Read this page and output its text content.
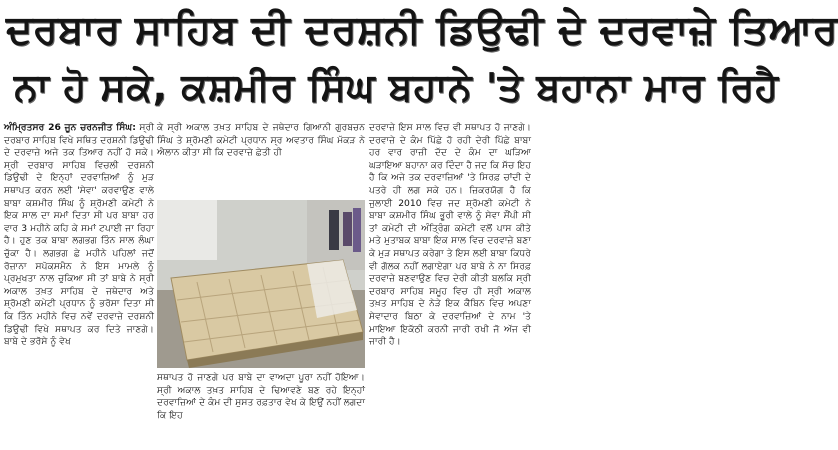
ਦਰਬਾਰ ਸਾਹਿਬ ਦੀ ਦਰਸ਼ਨੀ ਡਿਉਢੀ ਦੇ ਦਰਵਾਜ਼ੇ ਤਿਆਰ
ਨਾ ਹੋ ਸਕੇ, ਕਸ਼ਮੀਰ ਸਿੰਘ ਬਹਾਨੇ 'ਤੇ ਬਹਾਨਾ ਮਾਰ ਰਿਹੈ
ਅੰਮ੍ਰਿਤਸਰ 26 ਜੂਨ ਚਰਨਜੀਤ ਸਿੰਘ: ਸ੍ਰੀ ਦਰਬਾਰ ਸਾਹਿਬ ਵਿਖੇ ਸਥਿਤ ਦਰਸ਼ਨੀ ਡਿਉਢੀ ਦੇ ਦਰਵਾਜ਼ੇ ਅਜੇ ਤਕ ਤਿਆਰ ਨਹੀਂ ਹੋ ਸਕੇ। ਸ੍ਰੀ ਦਰਬਾਰ ਸਾਹਿਬ ਵਿਚਲੀ ਦਰਸ਼ਨੀ ਡਿਉਢੀ ਦੇ ਇਨ੍ਹਾਂ ਦਰਵਾਜ਼ਿਆਂ ਨੂੰ ਮੁੜ ਸਥਾਪਤ ਕਰਨ ਲਈ 'ਸੇਵਾ' ਕਰਵਾਉਣ ਵਾਲੇ ਬਾਬਾ ਕਸ਼ਮੀਰ ਸਿੰਘ ਨੂੰ ਸ਼੍ਰੋਮਣੀ ਕਮੇਟੀ ਨੇ ਇਕ ਸਾਲ ਦਾ ਸਮਾਂ ਦਿਤਾ ਸੀ ਪਰ ਬਾਬਾ ਹਰ ਵਾਰ 3 ਮਹੀਨੇ ਕਹਿ ਕੇ ਸਮਾਂ ਟਪਾਈ ਜਾ ਰਿਹਾ ਹੈ। ਹੁਣ ਤਕ ਬਾਬਾ ਲਗਭਗ ਤਿੰਨ ਸਾਲ ਲੰਘਾ ਚੁੱਕਾ ਹੈ। ਲਗਭਗ ਛੇ ਮਹੀਨੇ ਪਹਿਲਾਂ ਜਦੋਂ ਰੋਜ਼ਾਨਾ ਸਪੋਕਸਮੈਨ ਨੇ ਇਸ ਮਾਮਲੇ ਨੂੰ ਪ੍ਰਮੁਖਤਾ ਨਾਲ ਚੁਕਿਆ ਸੀ ਤਾਂ ਬਾਬੇ ਨੇ ਸ੍ਰੀ ਅਕਾਲ ਤਖ਼ਤ ਸਾਹਿਬ ਦੇ ਜਥੇਦਾਰ ਅਤੇ ਸ਼੍ਰੋਮਣੀ ਕਮੇਟੀ ਪ੍ਰਧਾਨ ਨੂੰ ਭਰੋਸਾ ਦਿਤਾ ਸੀ ਕਿ ਤਿੰਨ ਮਹੀਨੇ ਵਿਚ ਨਵੇਂ ਦਰਵਾਜ਼ੇ ਦਰਸ਼ਨੀ ਡਿਉਢੀ ਵਿਖੇ ਸਥਾਪਤ ਕਰ ਦਿਤੇ ਜਾਣਗੇ। ਬਾਬੇ ਦੇ ਭਰੋਸੇ ਨੂੰ ਵੇਖ
ਕੇ ਸ੍ਰੀ ਅਕਾਲ ਤਖ਼ਤ ਸਾਹਿਬ ਦੇ ਜਥੇਦਾਰ ਗਿਆਨੀ ਗੁਰਬਚਨ ਸਿੰਘ ਤੇ ਸ਼੍ਰੋਮਣੀ ਕਮੇਟੀ ਪ੍ਰਧਾਨ ਸ੍ਰ ਅਵਤਾਰ ਸਿੰਘ ਮੱਕੜ ਨੇ ਐਲਾਨ ਕੀਤਾ ਸੀ ਕਿ ਦਰਵਾਜ਼ੇ ਛੇਤੀ ਹੀ
ਸਥਾਪਤ ਹੋ ਜਾਣਗੇ ਪਰ ਬਾਬੇ ਦਾ ਵਾਅਦਾ ਪੂਰਾ ਨਹੀਂ ਹੋਇਆ। ਸ੍ਰੀ ਅਕਾਲ ਤਖ਼ਤ ਸਾਹਿਬ ਦੇ ਢਿਆਵਣੇ ਬਣ ਰਹੇ ਇਨ੍ਹਾਂ ਦਰਵਾਜ਼ਿਆਂ ਦੇ ਕੰਮ ਦੀ ਸੁਸਤ ਰਫ਼ਤਾਰ ਵੇਖ ਕੇ ਇਉਂ ਨਹੀਂ ਲਗਦਾ ਕਿ ਇਹ
ਦਰਵਾਜ਼ੇ ਇਸ ਸਾਲ ਵਿਚ ਵੀ ਸਥਾਪਤ ਹੋ ਜਾਣਗੇ। ਦਰਵਾਜ਼ੇ ਦੇ ਕੰਮ ਪਿੱਛੇ ਹੋ ਰਹੀ ਦੇਰੀ ਪਿੱਛੇ ਬਾਬਾ ਹਰ ਵਾਰ ਰਾਜ਼ੀ ਦੱਦ ਦੇ ਕੰਮ ਦਾ ਘੜਿਆ ਘੜਾਇਆ ਬਹਾਨਾ ਕਰ ਦਿੰਦਾ ਹੈ ਜਦ ਕਿ ਸੱਚ ਇਹ ਹੈ ਕਿ ਅਜੇ ਤਕ ਦਰਵਾਜ਼ਿਆਂ 'ਤੇ ਸਿਰਫ਼ ਚਾਂਦੀ ਦੇ ਪਤਰੇ ਹੀ ਲਗ ਸਕੇ ਹਨ। ਜ਼ਿਕਰਯੋਗ ਹੈ ਕਿ ਜੁਲਾਈ 2010 ਵਿਚ ਜਦ ਸ਼੍ਰੋਮਣੀ ਕਮੇਟੀ ਨੇ ਬਾਬਾ ਕਸ਼ਮੀਰ ਸਿੰਘ ਭੂਰੀ ਵਾਲੇ ਨੂੰ ਸੇਵਾ ਸੌਂਪੀ ਸੀ ਤਾਂ ਕਮੇਟੀ ਦੀ ਅੰਤ੍ਰਿੰਗ ਕਮੇਟੀ ਵਲੋਂ ਪਾਸ ਕੀਤੇ ਮਤੇ ਮੁਤਾਬਕ ਬਾਬਾ ਇਕ ਸਾਲ ਵਿਚ ਦਰਵਾਜ਼ੇ ਬਣਾ ਕੇ ਮੁੜ ਸਥਾਪਤ ਕਰੇਗਾ ਤੇ ਇਸ ਲਈ ਬਾਬਾ ਕਿਧਰੇ ਵੀ ਗੋਲਕ ਨਹੀਂ ਲਗਾਏਗਾ ਪਰ ਬਾਬੇ ਨੇ ਨਾ ਸਿਰਫ਼ ਦਰਵਾਜ਼ੇ ਬਣਵਾਉਣ ਵਿਚ ਦੇਰੀ ਕੀਤੀ ਬਲਕਿ ਸ੍ਰੀ ਦਰਬਾਰ ਸਾਹਿਬ ਸਮੂਹ ਵਿਚ ਹੀ ਸ੍ਰੀ ਅਕਾਲ ਤਖ਼ਤ ਸਾਹਿਬ ਦੇ ਨੇੜੇ ਇਕ ਕੈਬਿਨ ਵਿਚ ਅਪਣਾ ਸੇਵਾਦਾਰ ਬਿਠਾ ਕੇ ਦਰਵਾਜ਼ਿਆਂ ਦੇ ਨਾਮ 'ਤੇ ਮਾਇਆ ਇਕੱਠੀ ਕਰਨੀ ਜਾਰੀ ਰਖੀ ਜੋ ਅੱਜ ਵੀ ਜਾਰੀ ਹੈ।
